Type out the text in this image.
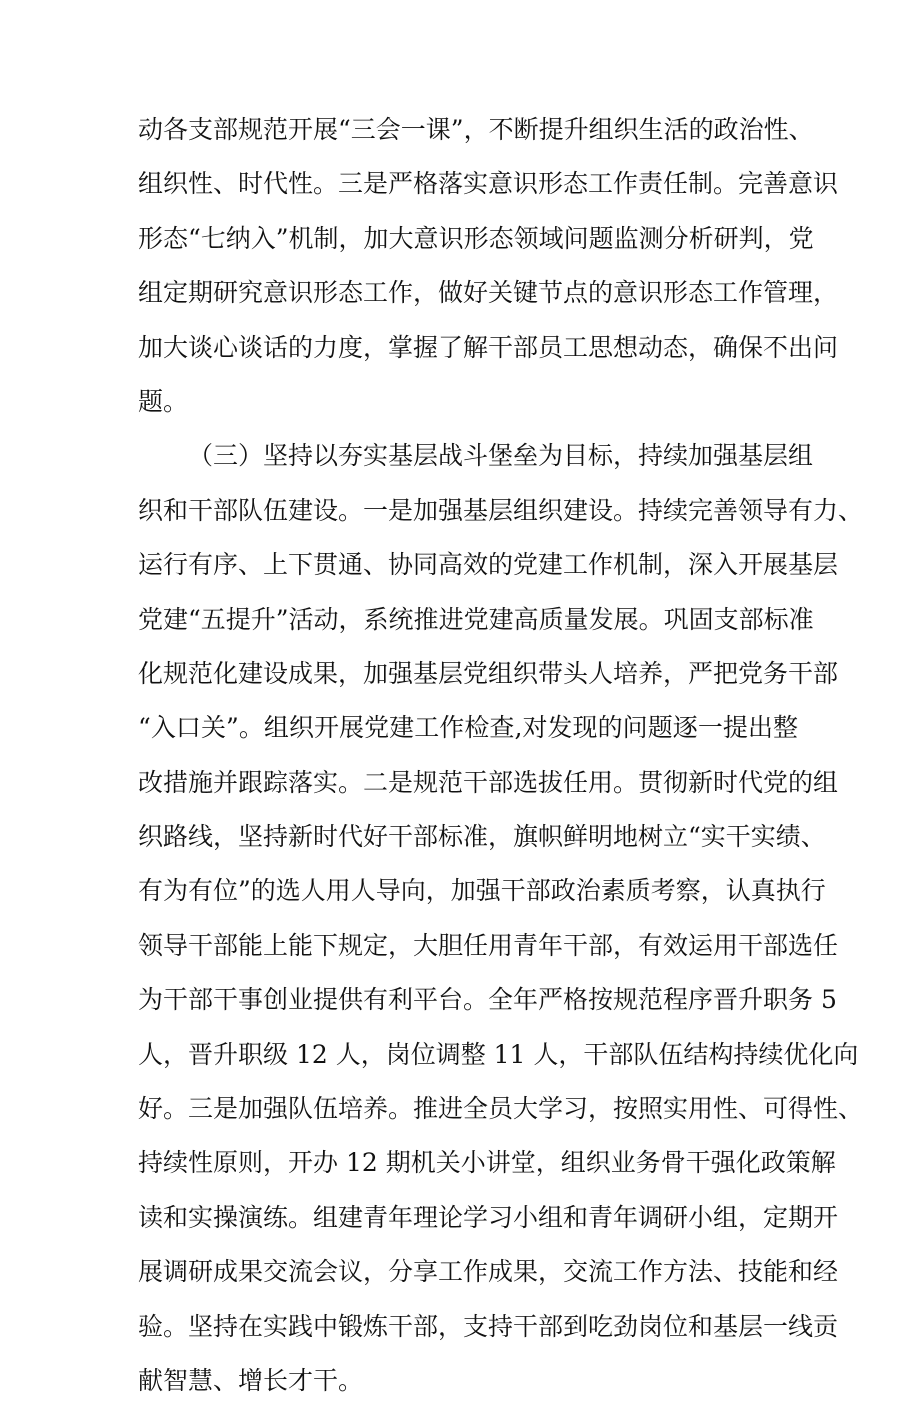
动各支部规范开展“三会一课”，不断提升组织生活的政治性、
组织性、时代性。三是严格落实意识形态工作责任制。完善意识
形态“七纳入”机制，加大意识形态领域问题监测分析研判，党
组定期研究意识形态工作，做好关键节点的意识形态工作管理，
加大谈心谈话的力度，掌握了解干部员工思想动态，确保不出问
题。
（三）坚持以夯实基层战斗堡垒为目标，持续加强基层组
织和干部队伍建设。一是加强基层组织建设。持续完善领导有力、
运行有序、上下贯通、协同高效的党建工作机制，深入开展基层
党建“五提升”活动，系统推进党建高质量发展。巩固支部标准
化规范化建设成果，加强基层党组织带头人培养，严把党务干部
“入口关”。组织开展党建工作检查,对发现的问题逐一提出整
改措施并跟踪落实。二是规范干部选拔任用。贯彻新时代党的组
织路线，坚持新时代好干部标准，旗帜鲜明地树立“实干实绩、
有为有位”的选人用人导向，加强干部政治素质考察，认真执行
领导干部能上能下规定，大胆任用青年干部，有效运用干部选任
为干部干事创业提供有利平台。全年严格按规范程序晋升职务 5
人，晋升职级 12 人，岗位调整 11 人，干部队伍结构持续优化向
好。三是加强队伍培养。推进全员大学习，按照实用性、可得性、
持续性原则，开办 12 期机关小讲堂，组织业务骨干强化政策解
读和实操演练。组建青年理论学习小组和青年调研小组，定期开
展调研成果交流会议，分享工作成果，交流工作方法、技能和经
验。坚持在实践中锻炼干部，支持干部到吃劲岗位和基层一线贡
献智慧、增长才干。
